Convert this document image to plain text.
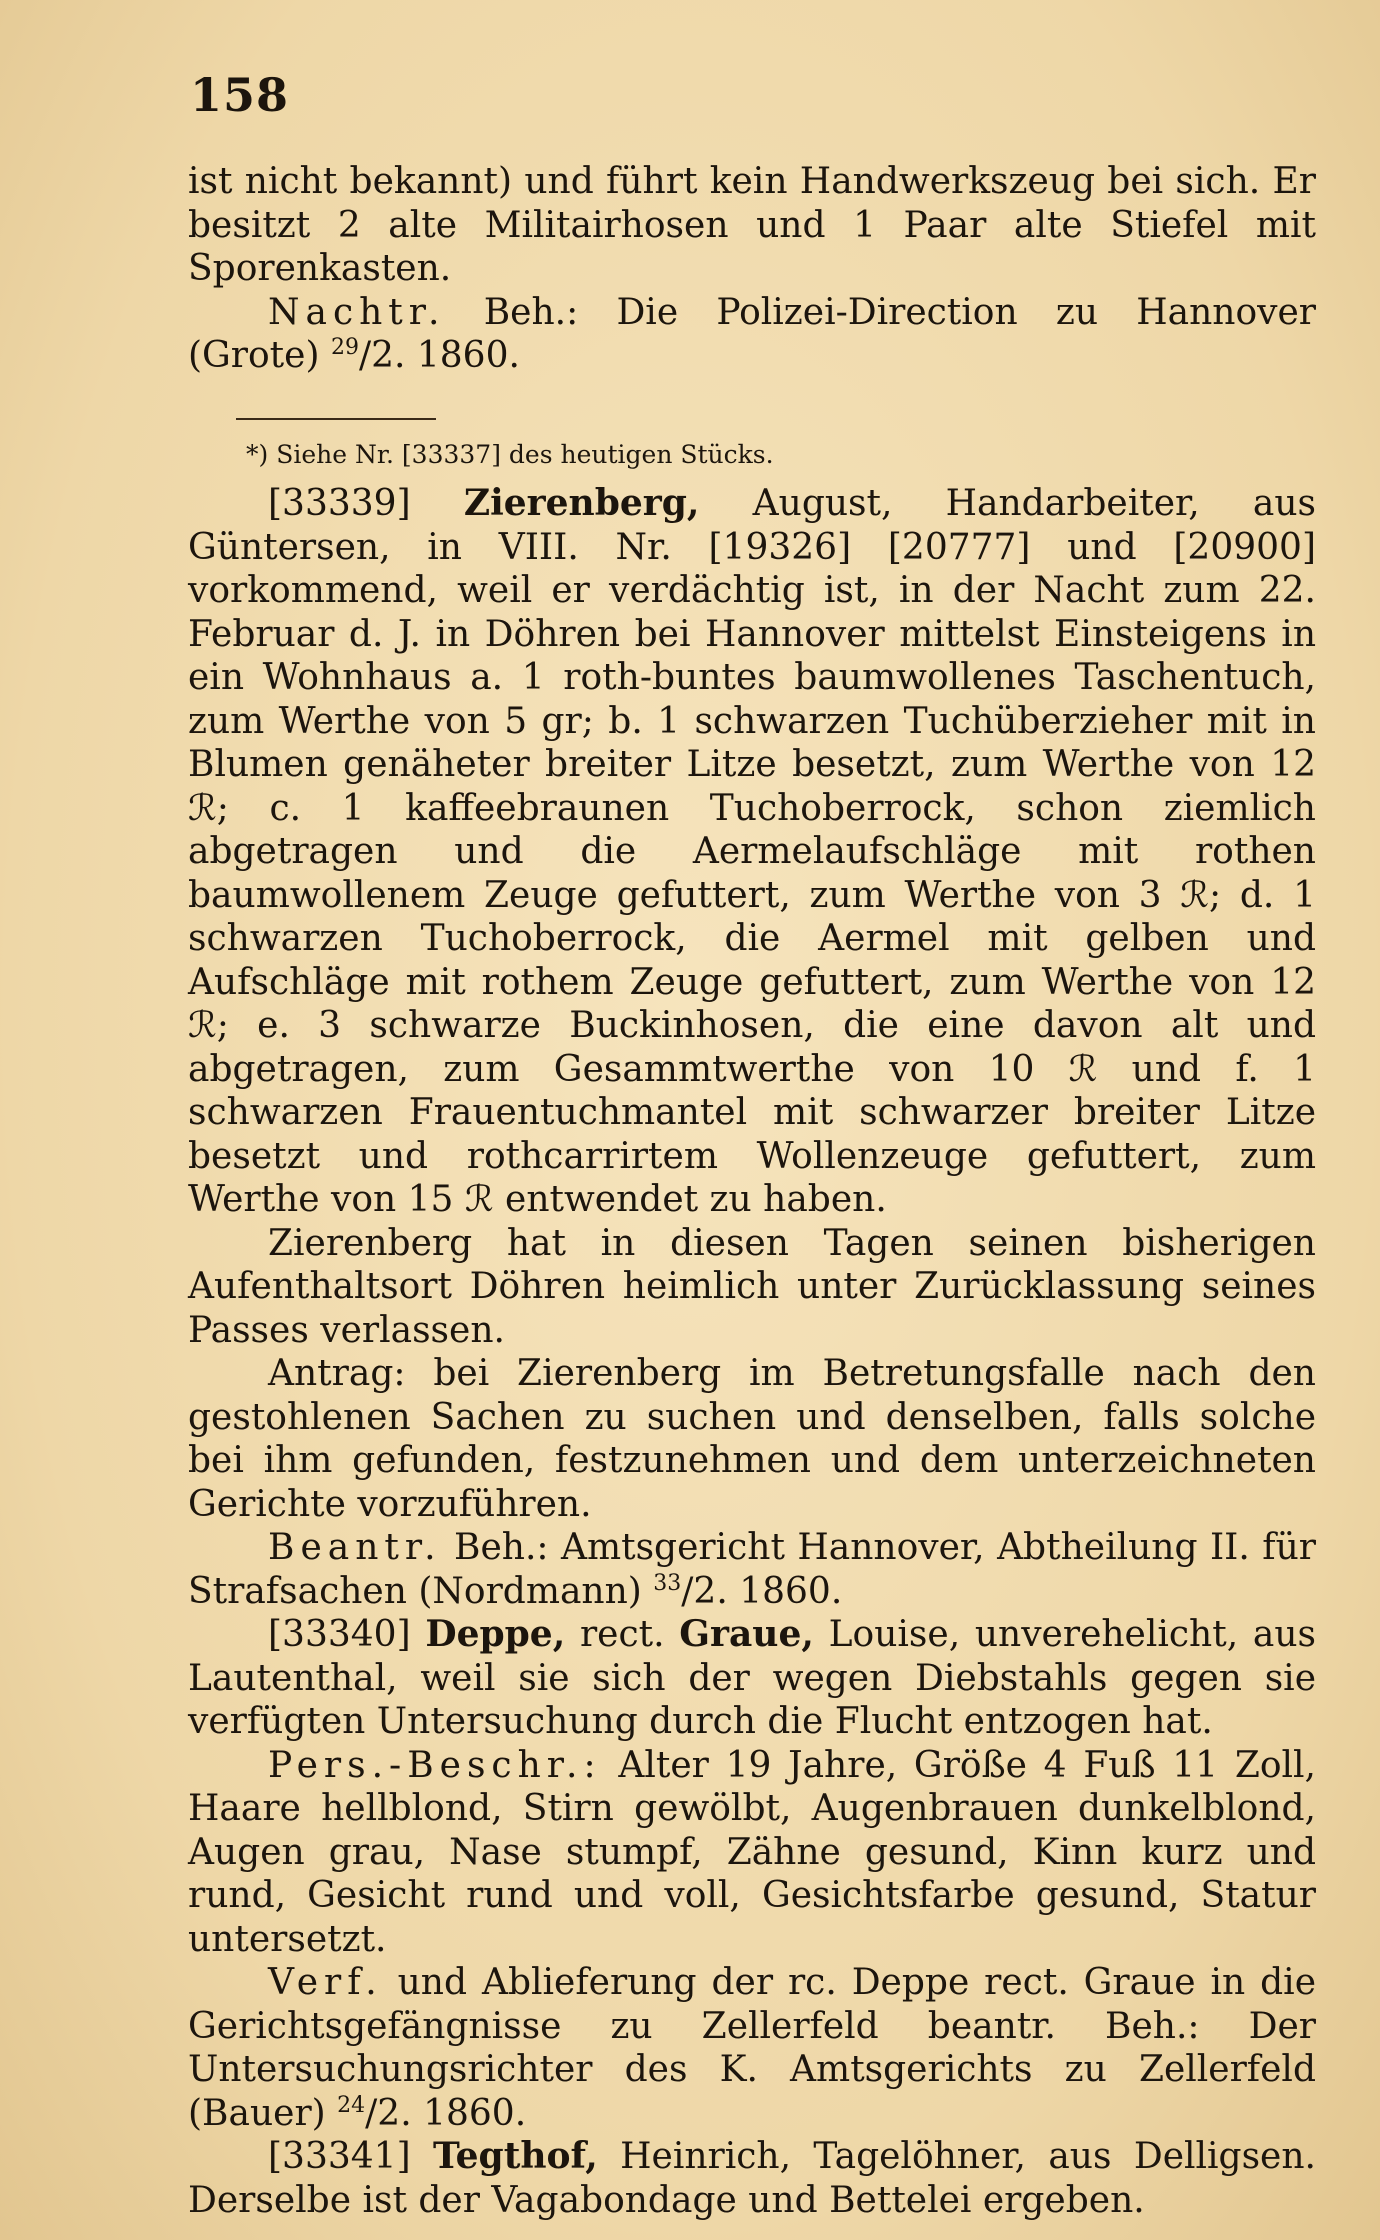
158

ist nicht bekannt) und führt kein Handwerkszeug bei sich. Er besitzt 2 alte Militairhosen und 1 Paar alte Stiefel mit Sporenkasten.

Nachtr. Beh.: Die Polizei-Direction zu Hannover (Grote) $^{29}$/2. 1860.

*) Siehe Nr. [33337] des heutigen Stücks.

[33339] Zierenberg, August, Handarbeiter, aus Güntersen, in VIII. Nr. [19326] [20777] und [20900] vorkommend, weil er verdächtig ist, in der Nacht zum 22. Februar d. J. in Döhren bei Hannover mittelst Einsteigens in ein Wohnhaus a. 1 roth-buntes baumwollenes Taschentuch, zum Werthe von 5 gr; b. 1 schwarzen Tuchüberzieher mit in Blumen genäheter breiter Litze besetzt, zum Werthe von 12 ℛ; c. 1 kaffeebraunen Tuchoberrock, schon ziemlich abgetragen und die Aermelaufschläge mit rothen baumwollenem Zeuge gefuttert, zum Werthe von 3 ℛ; d. 1 schwarzen Tuchoberrock, die Aermel mit gelben und Aufschläge mit rothem Zeuge gefuttert, zum Werthe von 12 ℛ; e. 3 schwarze Buckinhosen, die eine davon alt und abgetragen, zum Gesammtwerthe von 10 ℛ und f. 1 schwarzen Frauentuchmantel mit schwarzer breiter Litze besetzt und rothcarrirtem Wollenzeuge gefuttert, zum Werthe von 15 ℛ entwendet zu haben.

Zierenberg hat in diesen Tagen seinen bisherigen Aufenthaltsort Döhren heimlich unter Zurücklassung seines Passes verlassen.

Antrag: bei Zierenberg im Betretungsfalle nach den gestohlenen Sachen zu suchen und denselben, falls solche bei ihm gefunden, festzunehmen und dem unterzeichneten Gerichte vorzuführen.

Beantr. Beh.: Amtsgericht Hannover, Abtheilung II. für Strafsachen (Nordmann) $^{33}$/2. 1860.

[33340] Deppe, rect. Graue, Louise, unverehelicht, aus Lautenthal, weil sie sich der wegen Diebstahls gegen sie verfügten Untersuchung durch die Flucht entzogen hat.

Pers.-Beschr.: Alter 19 Jahre, Größe 4 Fuß 11 Zoll, Haare hellblond, Stirn gewölbt, Augenbrauen dunkelblond, Augen grau, Nase stumpf, Zähne gesund, Kinn kurz und rund, Gesicht rund und voll, Gesichtsfarbe gesund, Statur untersetzt.

Verf. und Ablieferung der rc. Deppe rect. Graue in die Gerichtsgefängnisse zu Zellerfeld beantr. Beh.: Der Untersuchungsrichter des K. Amtsgerichts zu Zellerfeld (Bauer) $^{24}$/2. 1860.

[33341] Tegthof, Heinrich, Tagelöhner, aus Delligsen. Derselbe ist der Vagabondage und Bettelei ergeben.
